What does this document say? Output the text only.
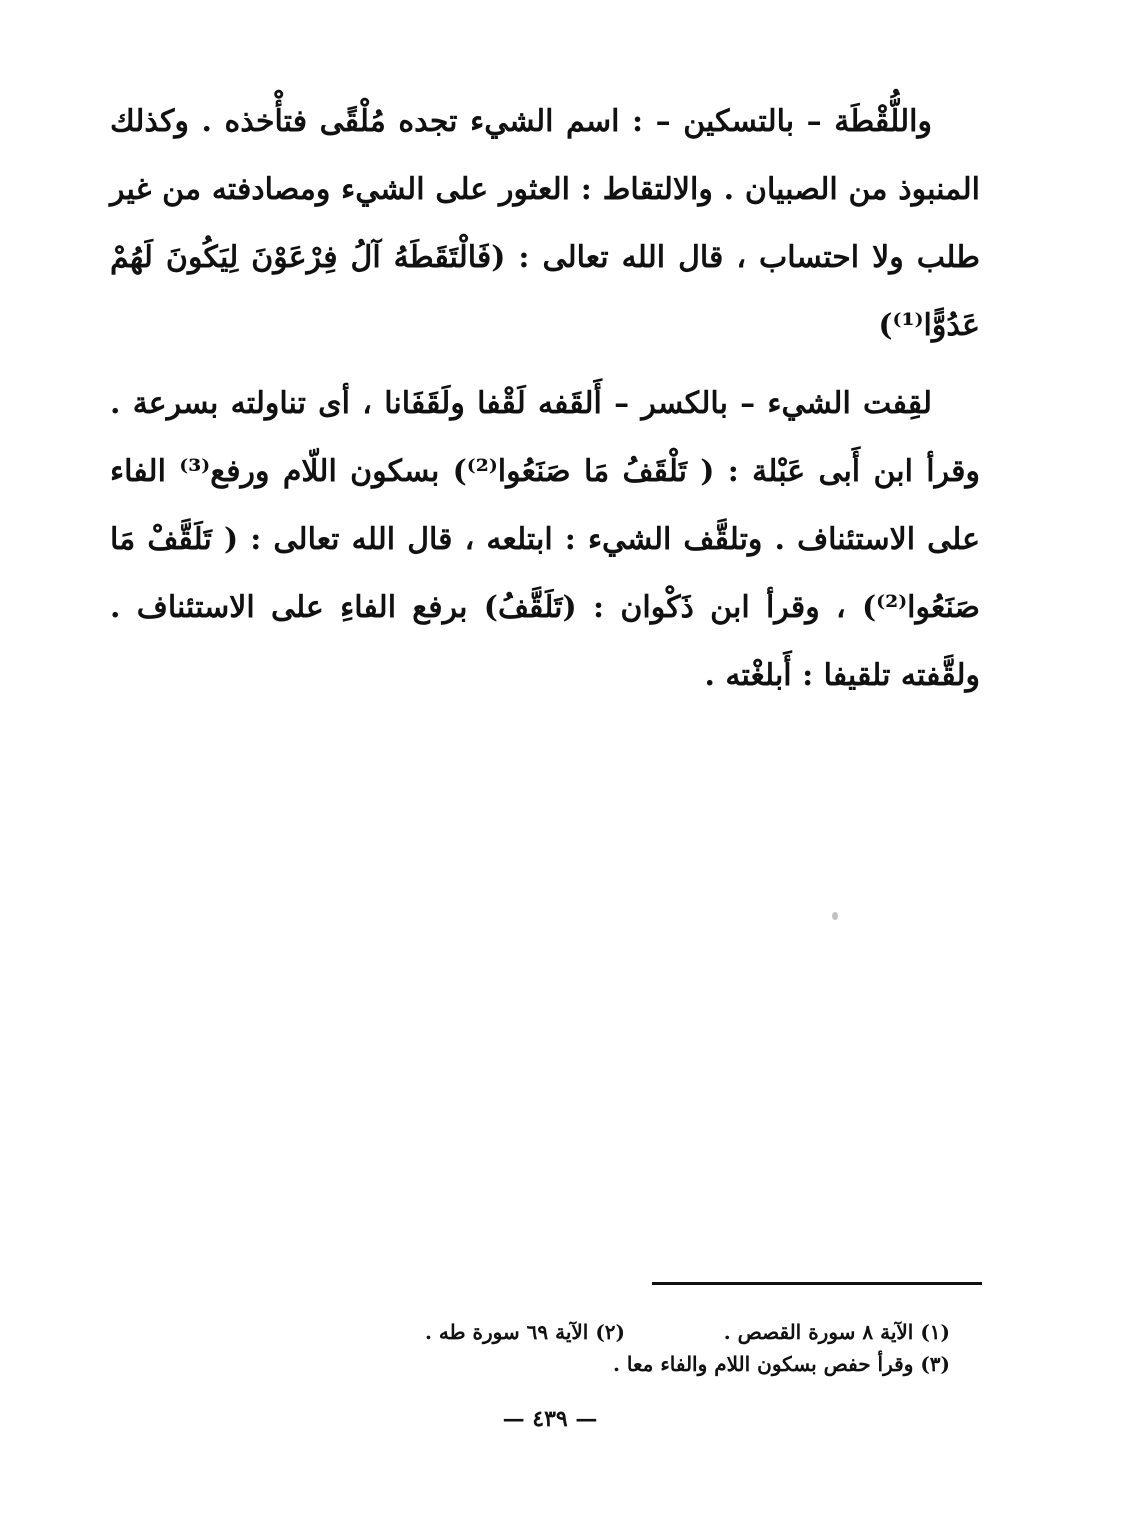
واللُّقْطَة – بالتسكين – : اسم الشيء تجده مُلْقًى فتأْخذه . وكذلك المنبوذ من الصبيان . والالتقاط : العثور على الشيء ومصادفته من غير طلب ولا احتساب ، قال الله تعالى : (فَالْتَقَطَهُ آلُ فِرْعَوْنَ لِيَكُونَ لَهُمْ عَدُوًّا⁽¹⁾)

لقِفت الشيء – بالكسر – أَلقَفه لَقْفا ولَقَفَانا ، أى تناولته بسرعة . وقرأ ابن أَبى عَبْلة : ( تَلْقَفُ مَا صَنَعُوا⁽²⁾) بسكون اللّام ورفع⁽³⁾ الفاء على الاستئناف . وتلقَّف الشيء : ابتلعه ، قال الله تعالى : ( تَلَقَّفْ مَا صَنَعُوا⁽²⁾) ، وقرأ ابن ذَكْوان : (تَلَقَّفُ) برفع الفاءِ على الاستئناف . ولقَّفته تلقيفا : أَبلغْته .

(١) الآية ٨ سورة القصص .
(٢) الآية ٦٩ سورة طه .
(٣) وقرأ حفص بسكون اللام والفاء معا .
— ٤٣٩ —
